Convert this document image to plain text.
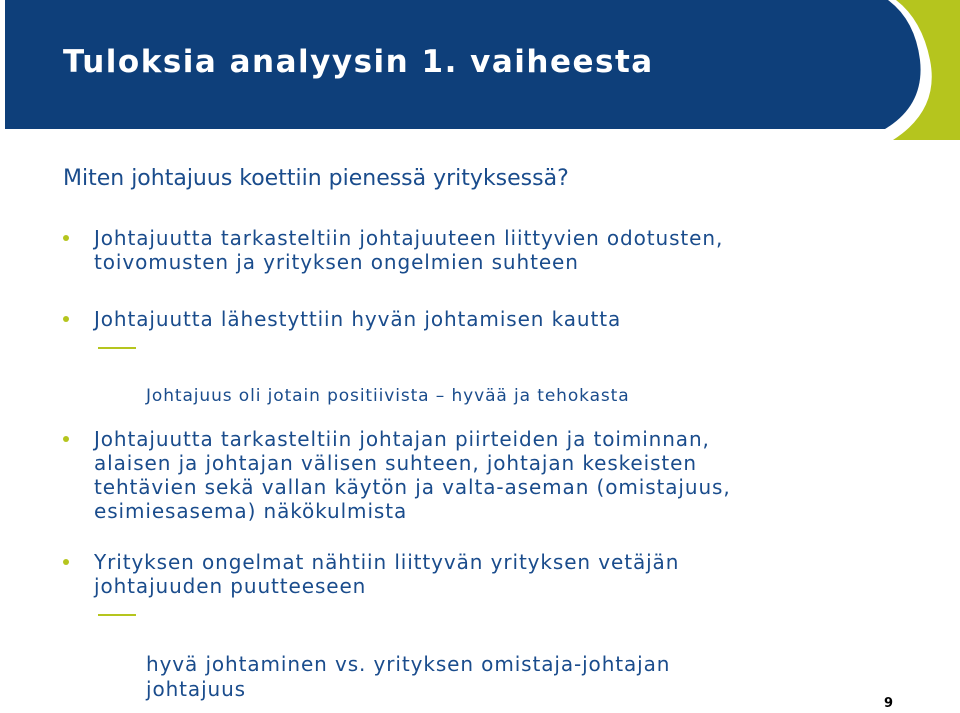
Tuloksia analyysin 1. vaiheesta

Miten johtajuus koettiin pienessä yrityksessä?

Johtajuutta tarkasteltiin johtajuuteen liittyvien odotusten,
toivomusten ja yrityksen ongelmien suhteen
Johtajuutta lähestyttiin hyvän johtamisen kautta

Johtajuus oli jotain positiivista – hyvää ja tehokasta

Johtajuutta tarkasteltiin johtajan piirteiden ja toiminnan,
alaisen ja johtajan välisen suhteen, johtajan keskeisten
tehtävien sekä vallan käytön ja valta-aseman (omistajuus,
esimiesasema) näkökulmista
Yrityksen ongelmat nähtiin liittyvän yrityksen vetäjän
johtajuuden puutteeseen

hyvä johtaminen vs. yrityksen omistaja-johtajan
johtajuus

9
